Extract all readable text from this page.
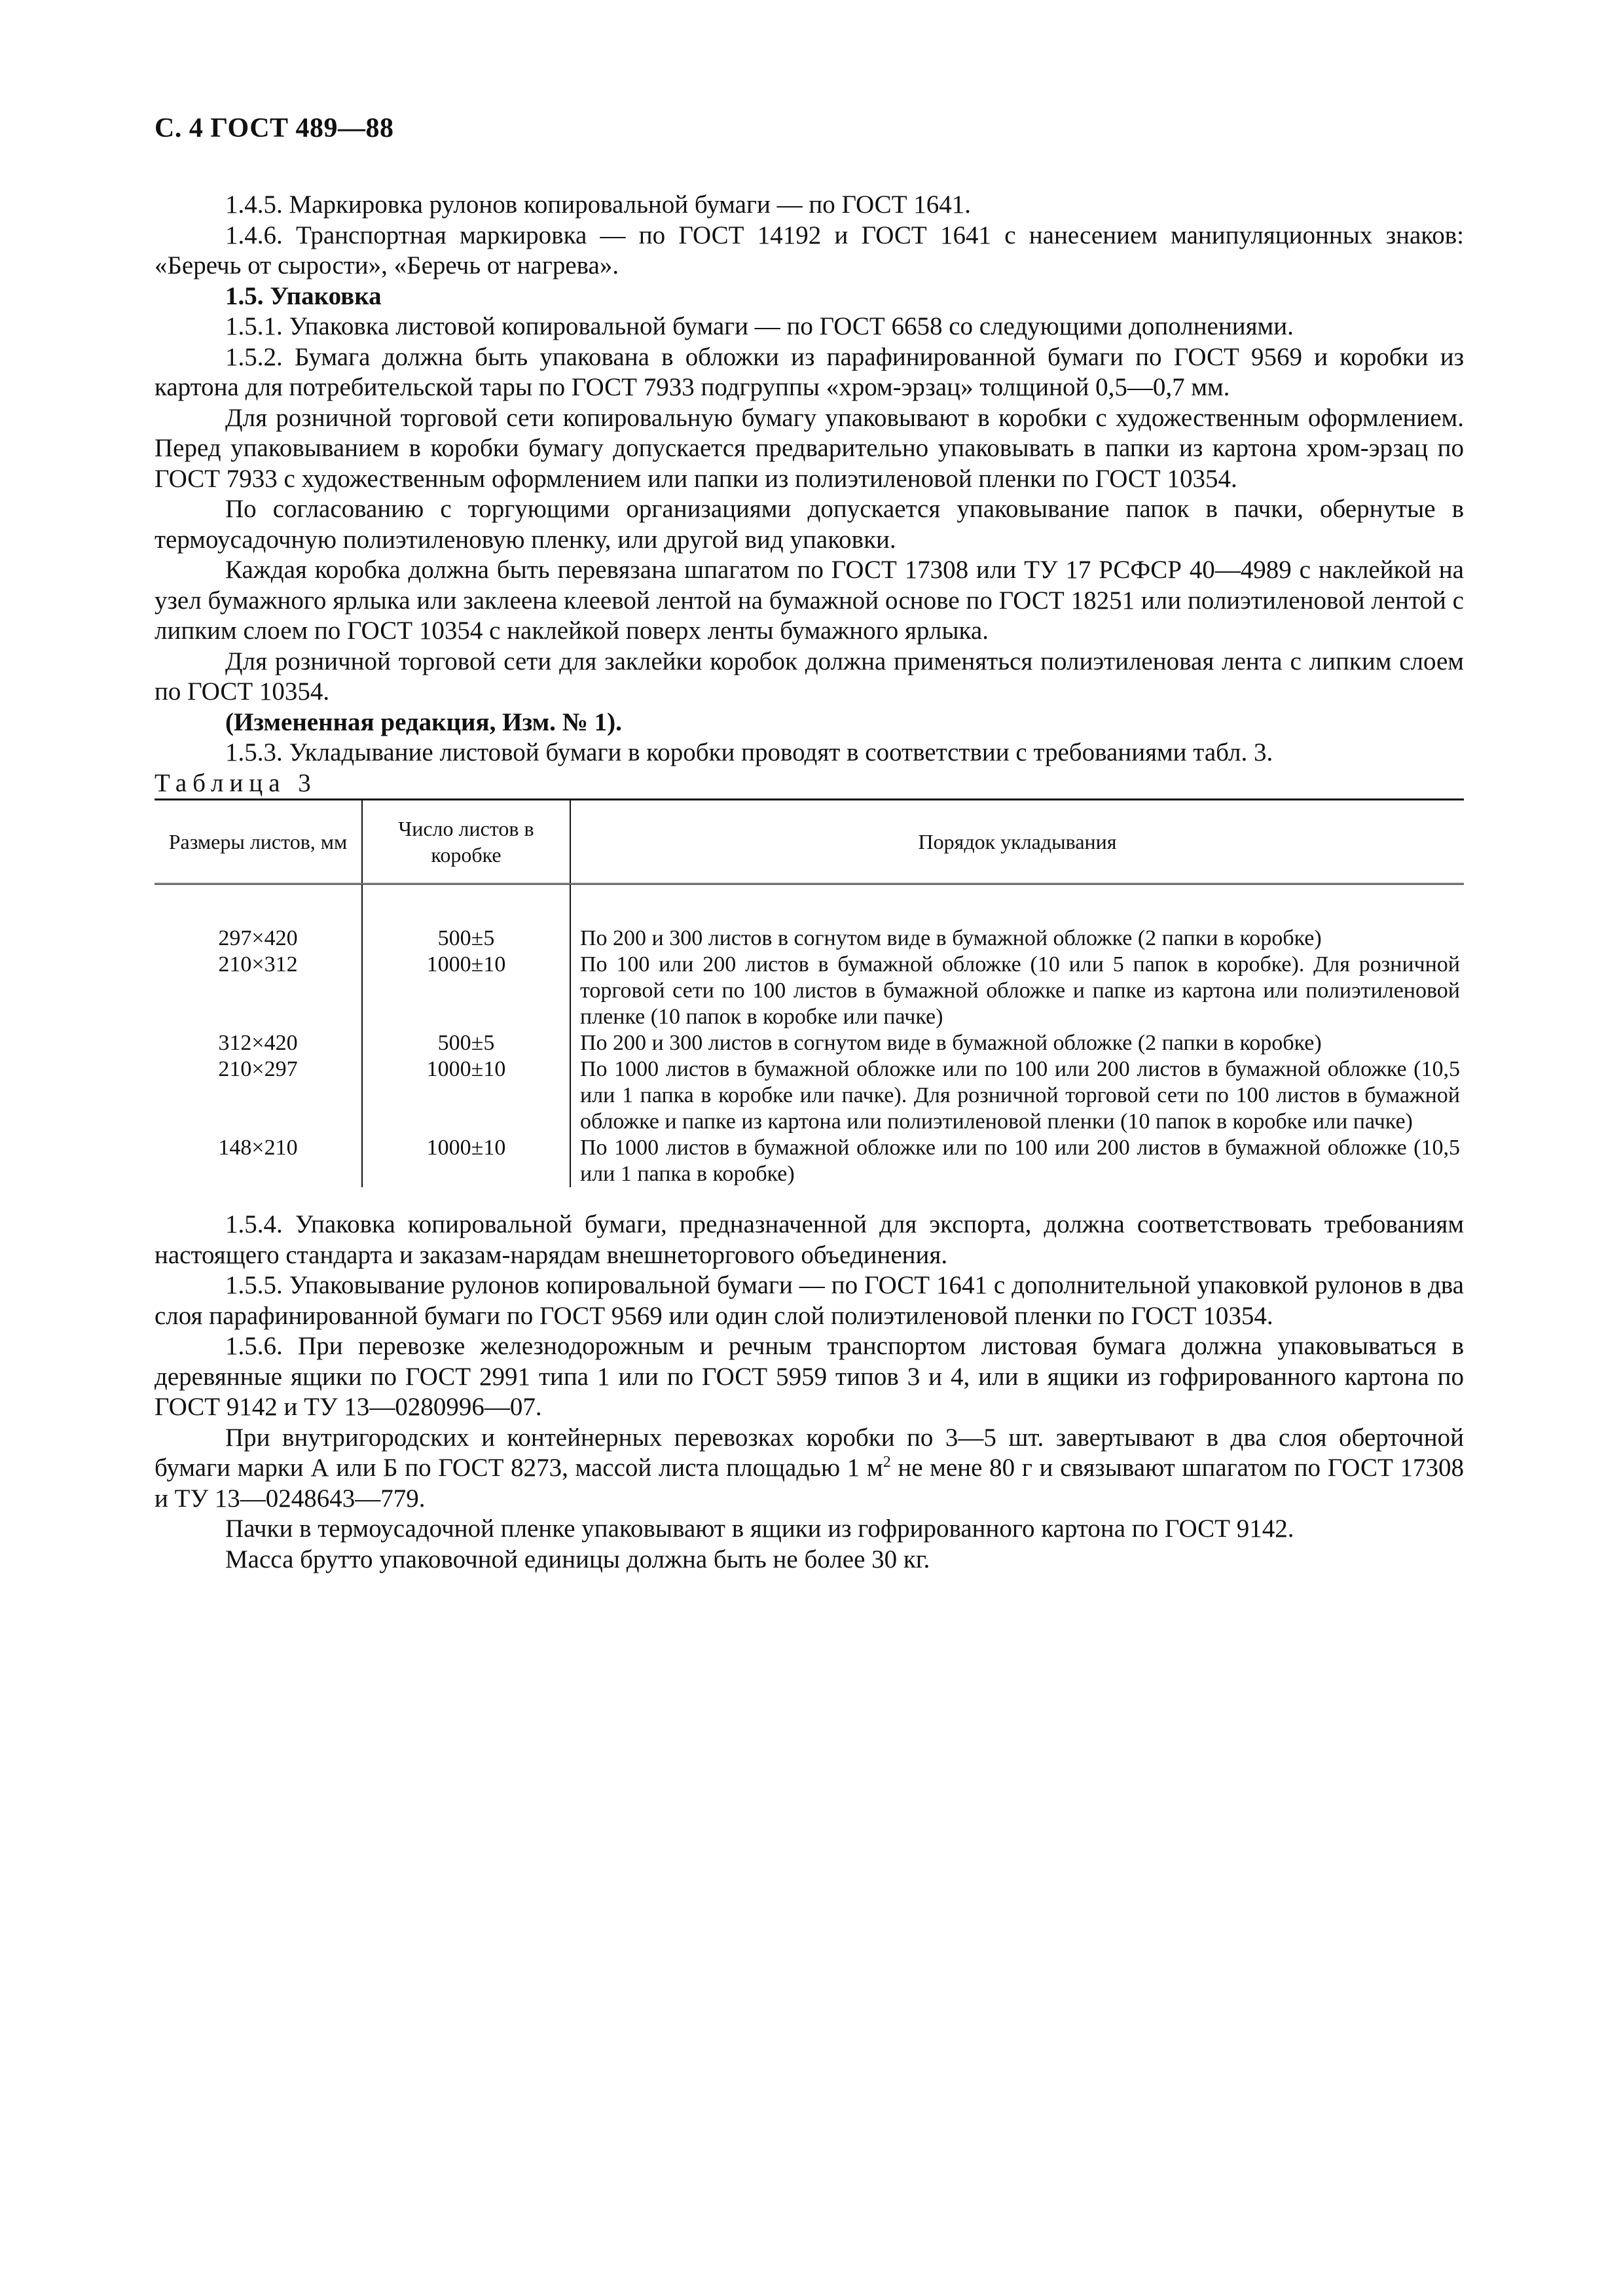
С. 4 ГОСТ 489—88

1.4.5. Маркировка рулонов копировальной бумаги — по ГОСТ 1641.

1.4.6. Транспортная маркировка — по ГОСТ 14192 и ГОСТ 1641 с нанесением манипуляционных знаков: «Беречь от сырости», «Беречь от нагрева».

1.5. Упаковка

1.5.1. Упаковка листовой копировальной бумаги — по ГОСТ 6658 со следующими дополнениями.

1.5.2. Бумага должна быть упакована в обложки из парафинированной бумаги по ГОСТ 9569 и коробки из картона для потребительской тары по ГОСТ 7933 подгруппы «хром-эрзац» толщиной 0,5—0,7 мм.

Для розничной торговой сети копировальную бумагу упаковывают в коробки с художественным оформлением. Перед упаковыванием в коробки бумагу допускается предварительно упаковывать в папки из картона хром-эрзац по ГОСТ 7933 с художественным оформлением или папки из полиэтиленовой пленки по ГОСТ 10354.

По согласованию с торгующими организациями допускается упаковывание папок в пачки, обернутые в термоусадочную полиэтиленовую пленку, или другой вид упаковки.

Каждая коробка должна быть перевязана шпагатом по ГОСТ 17308 или ТУ 17 РСФСР 40—4989 с наклейкой на узел бумажного ярлыка или заклеена клеевой лентой на бумажной основе по ГОСТ 18251 или полиэтиленовой лентой с липким слоем по ГОСТ 10354 с наклейкой поверх ленты бумажного ярлыка.

Для розничной торговой сети для заклейки коробок должна применяться полиэтиленовая лента с липким слоем по ГОСТ 10354.

(Измененная редакция, Изм. № 1).

1.5.3. Укладывание листовой бумаги в коробки проводят в соответствии с требованиями табл. 3.

Таблица 3

Размеры листов, мм	Число листов в коробке	Порядок укладывания
297×420	500±5	По 200 и 300 листов в согнутом виде в бумажной обложке (2 папки в коробке)
210×312	1000±10	По 100 или 200 листов в бумажной обложке (10 или 5 папок в коробке). Для розничной торговой сети по 100 листов в бумажной обложке и папке из картона или полиэтиленовой пленке (10 папок в коробке или пачке)
312×420	500±5	По 200 и 300 листов в согнутом виде в бумажной обложке (2 папки в коробке)
210×297	1000±10	По 1000 листов в бумажной обложке или по 100 или 200 листов в бумажной обложке (10,5 или 1 папка в коробке или пачке). Для розничной торговой сети по 100 листов в бумажной обложке и папке из картона или полиэтиленовой пленки (10 папок в коробке или пачке)
148×210	1000±10	По 1000 листов в бумажной обложке или по 100 или 200 листов в бумажной обложке (10,5 или 1 папка в коробке)

1.5.4. Упаковка копировальной бумаги, предназначенной для экспорта, должна соответствовать требованиям настоящего стандарта и заказам-нарядам внешнеторгового объединения.

1.5.5. Упаковывание рулонов копировальной бумаги — по ГОСТ 1641 с дополнительной упаковкой рулонов в два слоя парафинированной бумаги по ГОСТ 9569 или один слой полиэтиленовой пленки по ГОСТ 10354.

1.5.6. При перевозке железнодорожным и речным транспортом листовая бумага должна упаковываться в деревянные ящики по ГОСТ 2991 типа 1 или по ГОСТ 5959 типов 3 и 4, или в ящики из гофрированного картона по ГОСТ 9142 и ТУ 13—0280996—07.

При внутригородских и контейнерных перевозках коробки по 3—5 шт. завертывают в два слоя оберточной бумаги марки А или Б по ГОСТ 8273, массой листа площадью 1 $м^2$ не мене 80 г и связывают шпагатом по ГОСТ 17308 и ТУ 13—0248643—779.

Пачки в термоусадочной пленке упаковывают в ящики из гофрированного картона по ГОСТ 9142.

Масса брутто упаковочной единицы должна быть не более 30 кг.
